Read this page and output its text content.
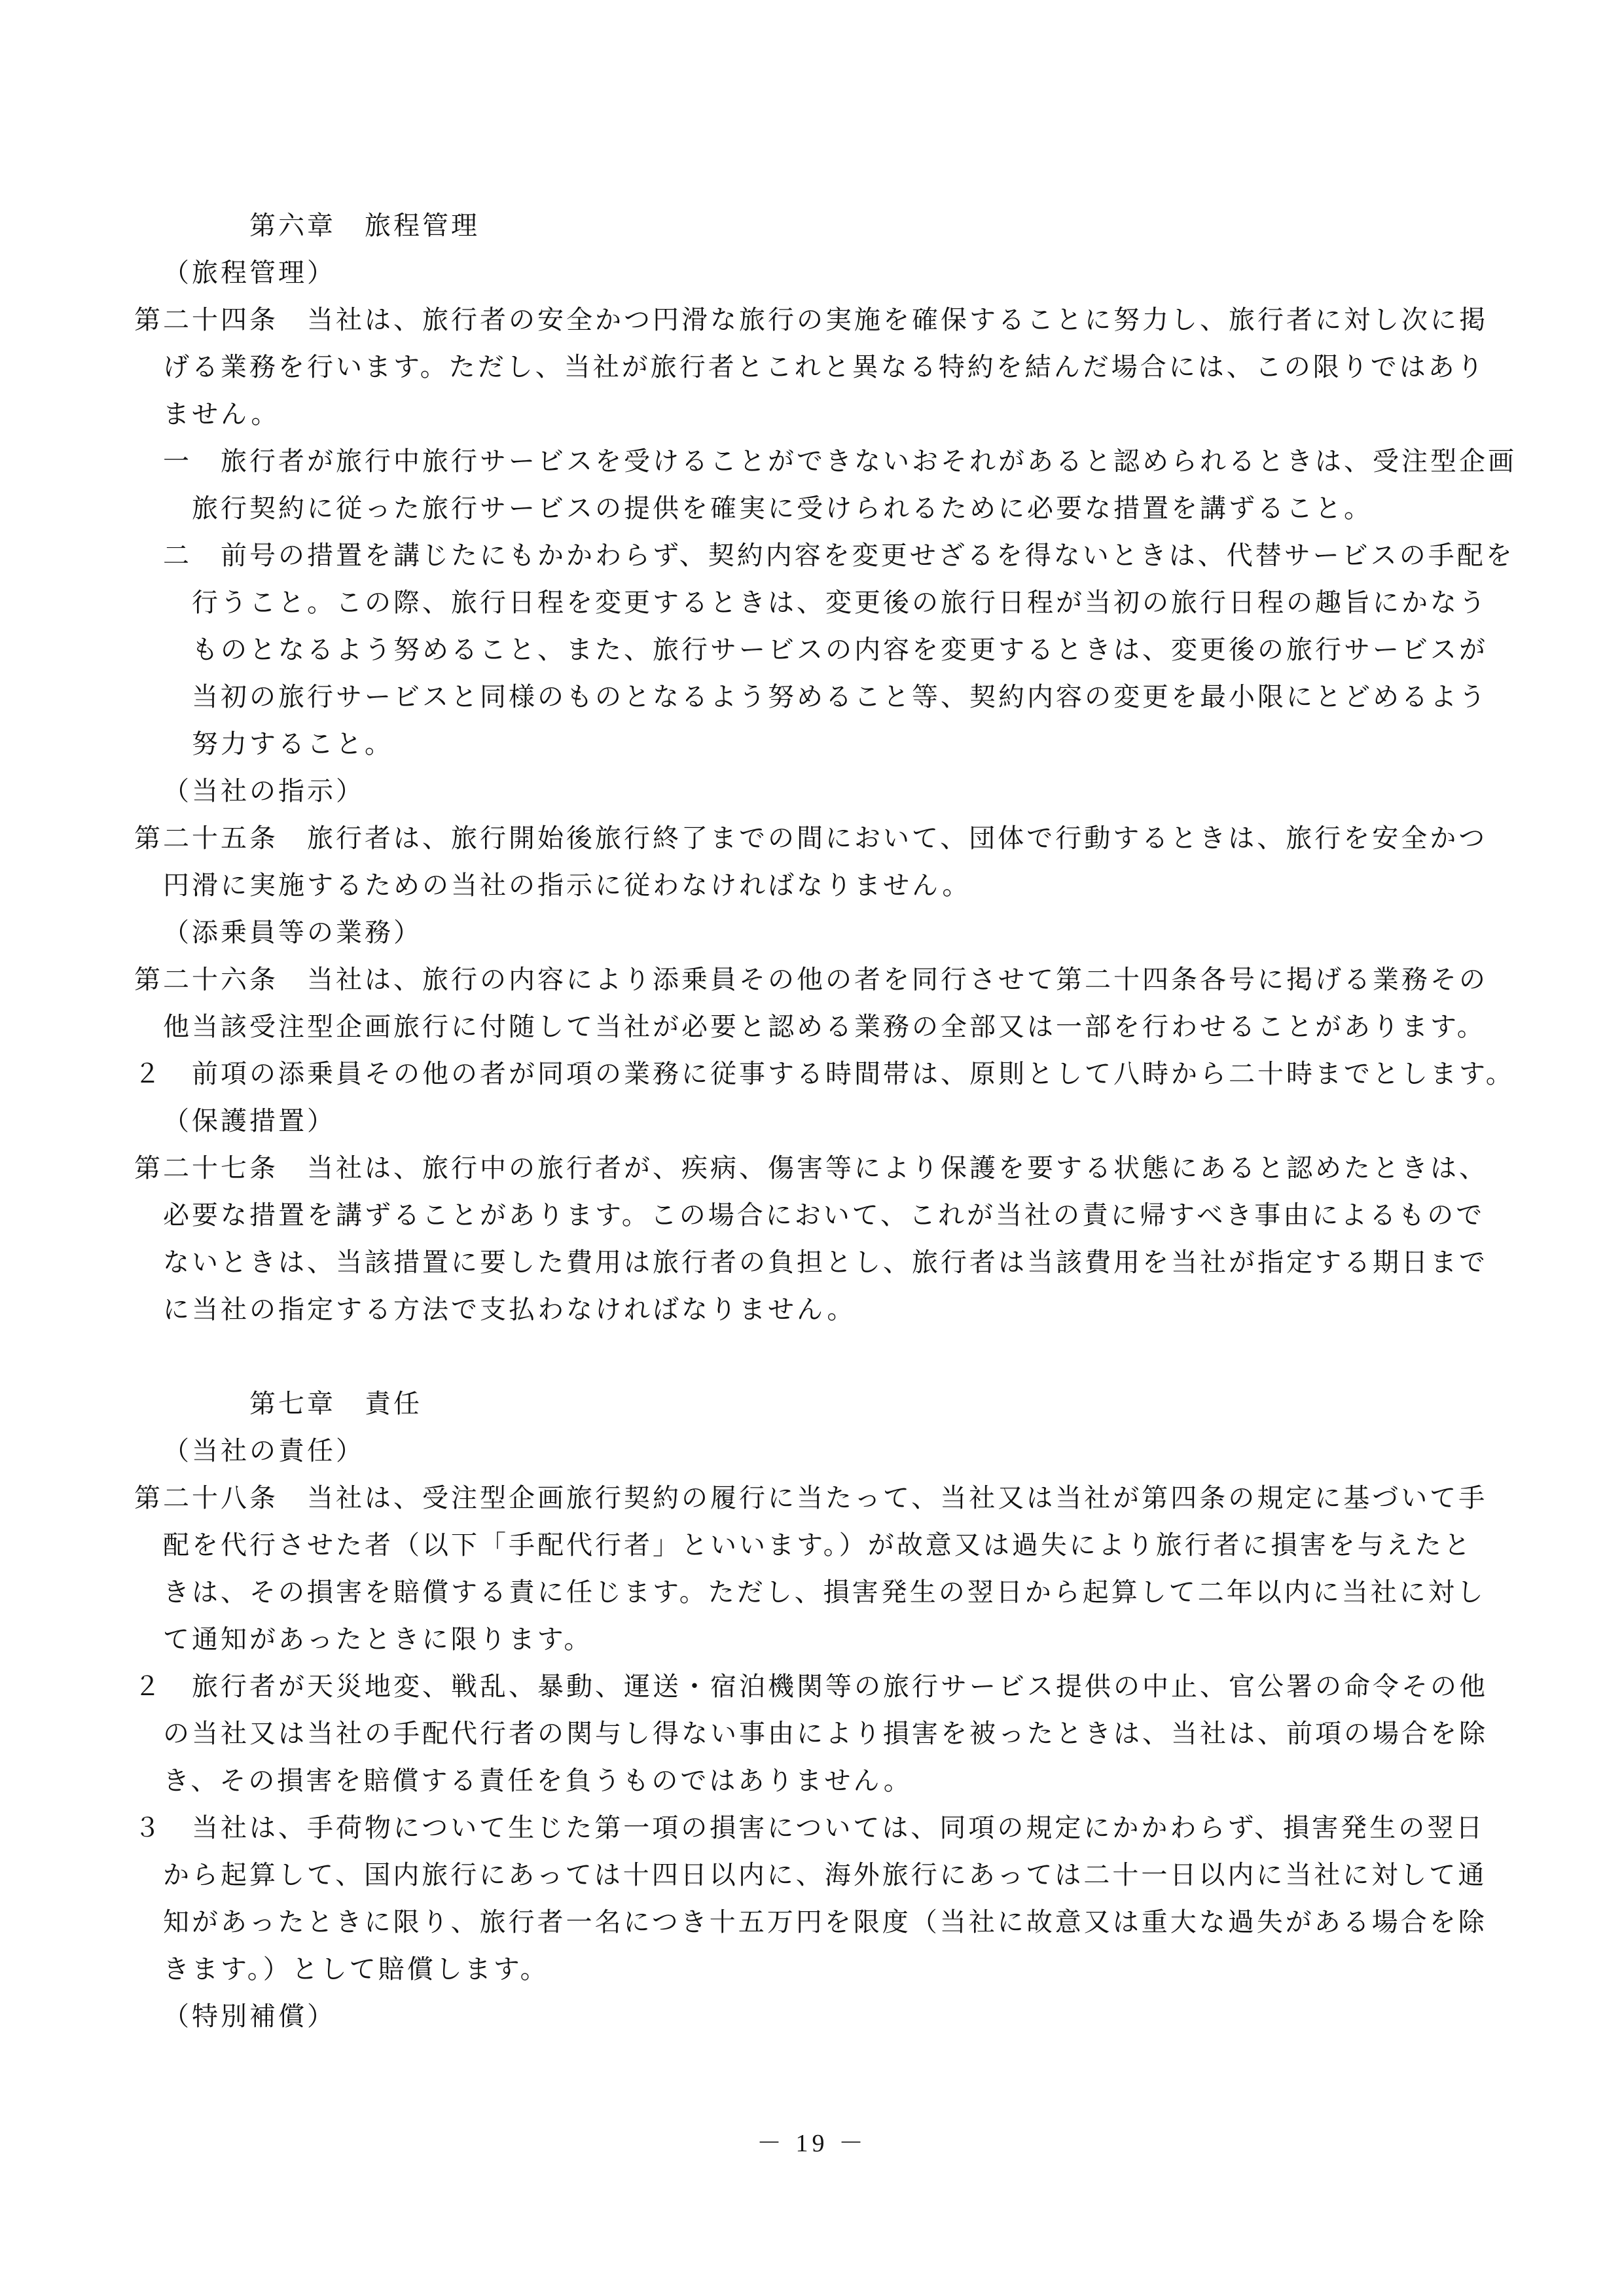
第六章　旅程管理
（旅程管理）
第二十四条　当社は、旅行者の安全かつ円滑な旅行の実施を確保することに努力し、旅行者に対し次に掲
げる業務を行います。ただし、当社が旅行者とこれと異なる特約を結んだ場合には、この限りではあり
ません。
一　旅行者が旅行中旅行サービスを受けることができないおそれがあると認められるときは、受注型企画
旅行契約に従った旅行サービスの提供を確実に受けられるために必要な措置を講ずること。
二　前号の措置を講じたにもかかわらず、契約内容を変更せざるを得ないときは、代替サービスの手配を
行うこと。この際、旅行日程を変更するときは、変更後の旅行日程が当初の旅行日程の趣旨にかなう
ものとなるよう努めること、また、旅行サービスの内容を変更するときは、変更後の旅行サービスが
当初の旅行サービスと同様のものとなるよう努めること等、契約内容の変更を最小限にとどめるよう
努力すること。
（当社の指示）
第二十五条　旅行者は、旅行開始後旅行終了までの間において、団体で行動するときは、旅行を安全かつ
円滑に実施するための当社の指示に従わなければなりません。
（添乗員等の業務）
第二十六条　当社は、旅行の内容により添乗員その他の者を同行させて第二十四条各号に掲げる業務その
他当該受注型企画旅行に付随して当社が必要と認める業務の全部又は一部を行わせることがあります。
２　前項の添乗員その他の者が同項の業務に従事する時間帯は、原則として八時から二十時までとします。
（保護措置）
第二十七条　当社は、旅行中の旅行者が、疾病、傷害等により保護を要する状態にあると認めたときは、
必要な措置を講ずることがあります。この場合において、これが当社の責に帰すべき事由によるもので
ないときは、当該措置に要した費用は旅行者の負担とし、旅行者は当該費用を当社が指定する期日まで
に当社の指定する方法で支払わなければなりません。
第七章　責任
（当社の責任）
第二十八条　当社は、受注型企画旅行契約の履行に当たって、当社又は当社が第四条の規定に基づいて手
配を代行させた者（以下「手配代行者」といいます。）が故意又は過失により旅行者に損害を与えたと
きは、その損害を賠償する責に任じます。ただし、損害発生の翌日から起算して二年以内に当社に対し
て通知があったときに限ります。
２　旅行者が天災地変、戦乱、暴動、運送・宿泊機関等の旅行サービス提供の中止、官公署の命令その他
の当社又は当社の手配代行者の関与し得ない事由により損害を被ったときは、当社は、前項の場合を除
き、その損害を賠償する責任を負うものではありません。
３　当社は、手荷物について生じた第一項の損害については、同項の規定にかかわらず、損害発生の翌日
から起算して、国内旅行にあっては十四日以内に、海外旅行にあっては二十一日以内に当社に対して通
知があったときに限り、旅行者一名につき十五万円を限度（当社に故意又は重大な過失がある場合を除
きます。）として賠償します。
（特別補償）
－ 19 －
